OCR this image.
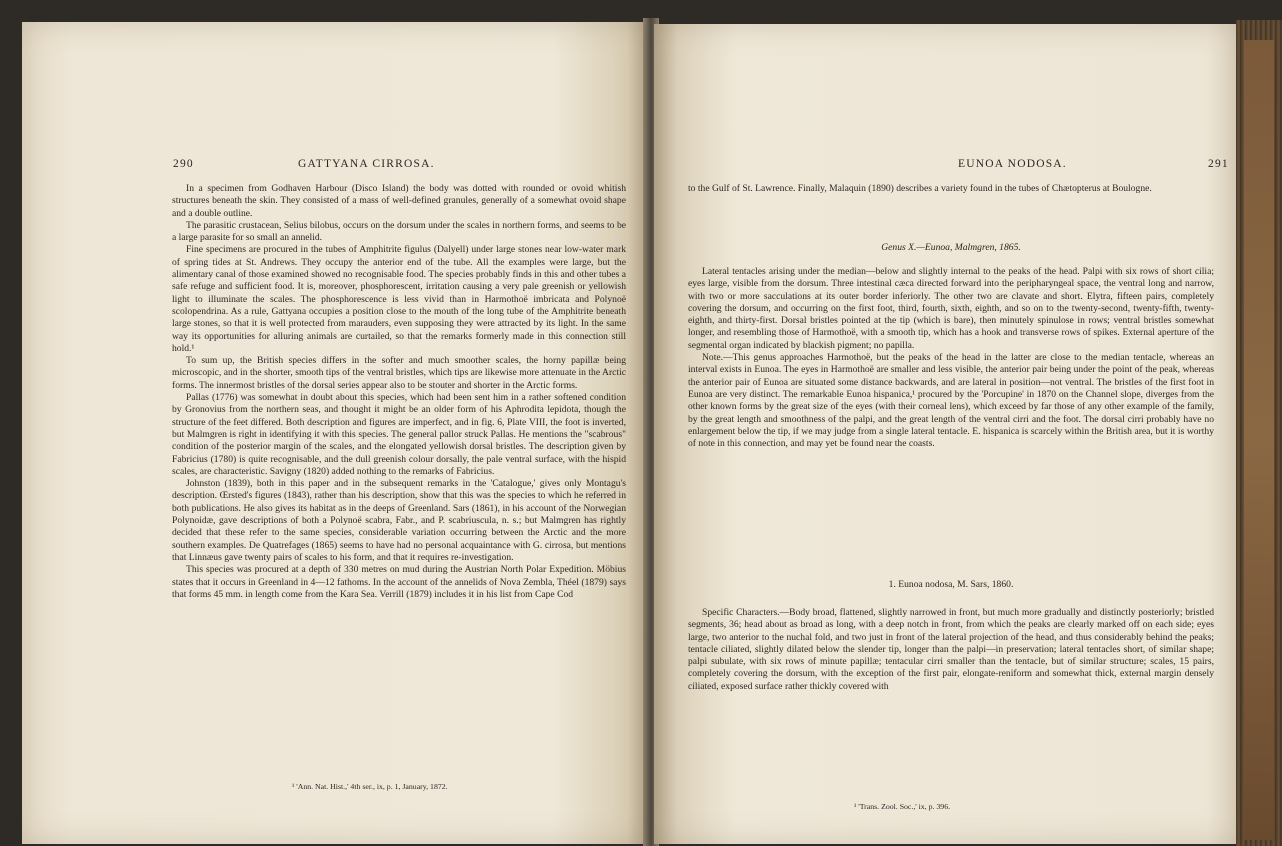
290	GATTYANA CIRROSA.

In a specimen from Godhaven Harbour (Disco Island) the body was dotted with rounded or ovoid whitish structures beneath the skin. They consisted of a mass of well-defined granules, generally of a somewhat ovoid shape and a double outline.

The parasitic crustacean, Selius bilobus, occurs on the dorsum under the scales in northern forms, and seems to be a large parasite for so small an annelid.

Fine specimens are procured in the tubes of Amphitrite figulus (Dalyell) under large stones near low-water mark of spring tides at St. Andrews. They occupy the anterior end of the tube. All the examples were large, but the alimentary canal of those examined showed no recognisable food. The species probably finds in this and other tubes a safe refuge and sufficient food. It is, moreover, phosphorescent, irritation causing a very pale greenish or yellowish light to illuminate the scales. The phosphorescence is less vivid than in Harmothoë imbricata and Polynoë scolopendrina. As a rule, Gattyana occupies a position close to the mouth of the long tube of the Amphitrite beneath large stones, so that it is well protected from marauders, even supposing they were attracted by its light. In the same way its opportunities for alluring animals are curtailed, so that the remarks formerly made in this connection still hold.¹

To sum up, the British species differs in the softer and much smoother scales, the horny papillæ being microscopic, and in the shorter, smooth tips of the ventral bristles, which tips are likewise more attenuate in the Arctic forms. The innermost bristles of the dorsal series appear also to be stouter and shorter in the Arctic forms.

Pallas (1776) was somewhat in doubt about this species, which had been sent him in a rather softened condition by Gronovius from the northern seas, and thought it might be an older form of his Aphrodita lepidota, though the structure of the feet differed. Both description and figures are imperfect, and in fig. 6, Plate VIII, the foot is inverted, but Malmgren is right in identifying it with this species. The general pallor struck Pallas. He mentions the "scabrous" condition of the posterior margin of the scales, and the elongated yellowish dorsal bristles. The description given by Fabricius (1780) is quite recognisable, and the dull greenish colour dorsally, the pale ventral surface, with the hispid scales, are characteristic. Savigny (1820) added nothing to the remarks of Fabricius.

Johnston (1839), both in this paper and in the subsequent remarks in the 'Catalogue,' gives only Montagu's description. Œrsted's figures (1843), rather than his description, show that this was the species to which he referred in both publications. He also gives its habitat as in the deeps of Greenland. Sars (1861), in his account of the Norwegian Polynoidæ, gave descriptions of both a Polynoë scabra, Fabr., and P. scabriuscula, n. s.; but Malmgren has rightly decided that these refer to the same species, considerable variation occurring between the Arctic and the more southern examples. De Quatrefages (1865) seems to have had no personal acquaintance with G. cirrosa, but mentions that Linnæus gave twenty pairs of scales to his form, and that it requires re-investigation.

This species was procured at a depth of 330 metres on mud during the Austrian North Polar Expedition. Möbius states that it occurs in Greenland in 4—12 fathoms. In the account of the annelids of Nova Zembla, Théel (1879) says that forms 45 mm. in length come from the Kara Sea. Verrill (1879) includes it in his list from Cape Cod

¹ 'Ann. Nat. Hist.,' 4th ser., ix, p. 1, January, 1872.
EUNOA NODOSA.	291

to the Gulf of St. Lawrence. Finally, Malaquin (1890) describes a variety found in the tubes of Chætopterus at Boulogne.

Genus X.—Eunoa, Malmgren, 1865.

Lateral tentacles arising under the median—below and slightly internal to the peaks of the head. Palpi with six rows of short cilia; eyes large, visible from the dorsum. Three intestinal cæca directed forward into the peripharyngeal space, the ventral long and narrow, with two or more sacculations at its outer border inferiorly. The other two are clavate and short. Elytra, fifteen pairs, completely covering the dorsum, and occurring on the first foot, third, fourth, sixth, eighth, and so on to the twenty-second, twenty-fifth, twenty-eighth, and thirty-first. Dorsal bristles pointed at the tip (which is bare), then minutely spinulose in rows; ventral bristles somewhat longer, and resembling those of Harmothoë, with a smooth tip, which has a hook and transverse rows of spikes. External aperture of the segmental organ indicated by blackish pigment; no papilla.

Note.—This genus approaches Harmothoë, but the peaks of the head in the latter are close to the median tentacle, whereas an interval exists in Eunoa. The eyes in Harmothoë are smaller and less visible, the anterior pair being under the point of the peak, whereas the anterior pair of Eunoa are situated some distance backwards, and are lateral in position—not ventral. The bristles of the first foot in Eunoa are very distinct. The remarkable Eunoa hispanica,¹ procured by the 'Porcupine' in 1870 on the Channel slope, diverges from the other known forms by the great size of the eyes (with their corneal lens), which exceed by far those of any other example of the family, by the great length and smoothness of the palpi, and the great length of the ventral cirri and the foot. The dorsal cirri probably have no enlargement below the tip, if we may judge from a single lateral tentacle. E. hispanica is scarcely within the British area, but it is worthy of note in this connection, and may yet be found near the coasts.

1. Eunoa nodosa, M. Sars, 1860.

Specific Characters.—Body broad, flattened, slightly narrowed in front, but much more gradually and distinctly posteriorly; bristled segments, 36; head about as broad as long, with a deep notch in front, from which the peaks are clearly marked off on each side; eyes large, two anterior to the nuchal fold, and two just in front of the lateral projection of the head, and thus considerably behind the peaks; tentacle ciliated, slightly dilated below the slender tip, longer than the palpi—in preservation; lateral tentacles short, of similar shape; palpi subulate, with six rows of minute papillæ; tentacular cirri smaller than the tentacle, but of similar structure; scales, 15 pairs, completely covering the dorsum, with the exception of the first pair, elongate-reniform and somewhat thick, external margin densely ciliated, exposed surface rather thickly covered with

¹ 'Trans. Zool. Soc.,' ix, p. 396.
